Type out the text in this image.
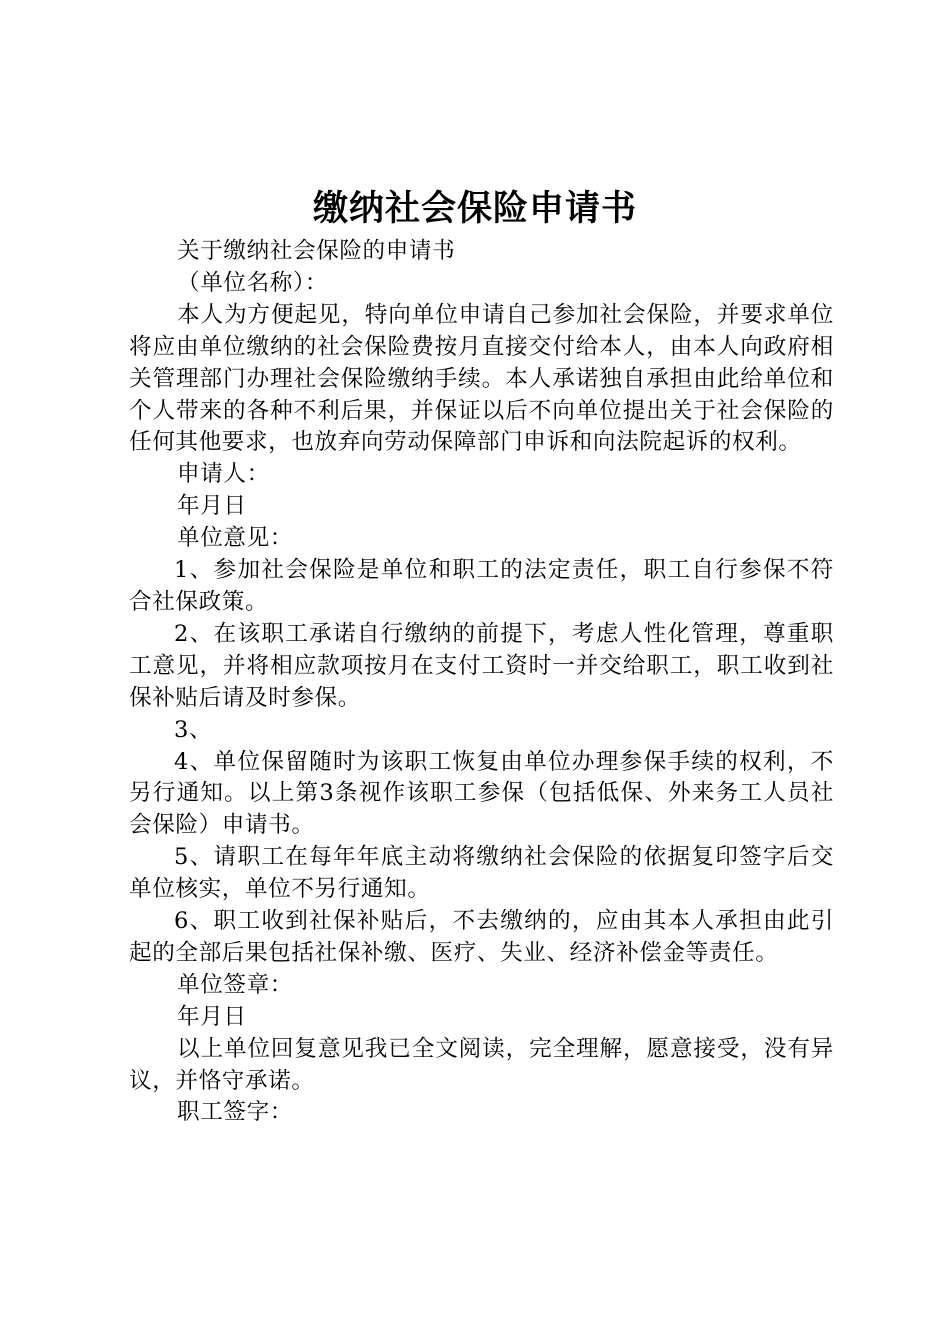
缴纳社会保险申请书

关于缴纳社会保险的申请书

（单位名称）：

本人为方便起见，特向单位申请自己参加社会保险，并要求单位将应由单位缴纳的社会保险费按月直接交付给本人，由本人向政府相关管理部门办理社会保险缴纳手续。本人承诺独自承担由此给单位和个人带来的各种不利后果，并保证以后不向单位提出关于社会保险的任何其他要求，也放弃向劳动保障部门申诉和向法院起诉的权利。

申请人：

年月日

单位意见：

1、参加社会保险是单位和职工的法定责任，职工自行参保不符合社保政策。

2、在该职工承诺自行缴纳的前提下，考虑人性化管理，尊重职工意见，并将相应款项按月在支付工资时一并交给职工，职工收到社保补贴后请及时参保。

3、

4、单位保留随时为该职工恢复由单位办理参保手续的权利，不另行通知。以上第3条视作该职工参保（包括低保、外来务工人员社会保险）申请书。

5、请职工在每年年底主动将缴纳社会保险的依据复印签字后交单位核实，单位不另行通知。

6、职工收到社保补贴后，不去缴纳的，应由其本人承担由此引起的全部后果包括社保补缴、医疗、失业、经济补偿金等责任。

单位签章：

年月日

以上单位回复意见我已全文阅读，完全理解，愿意接受，没有异议，并恪守承诺。

职工签字：
